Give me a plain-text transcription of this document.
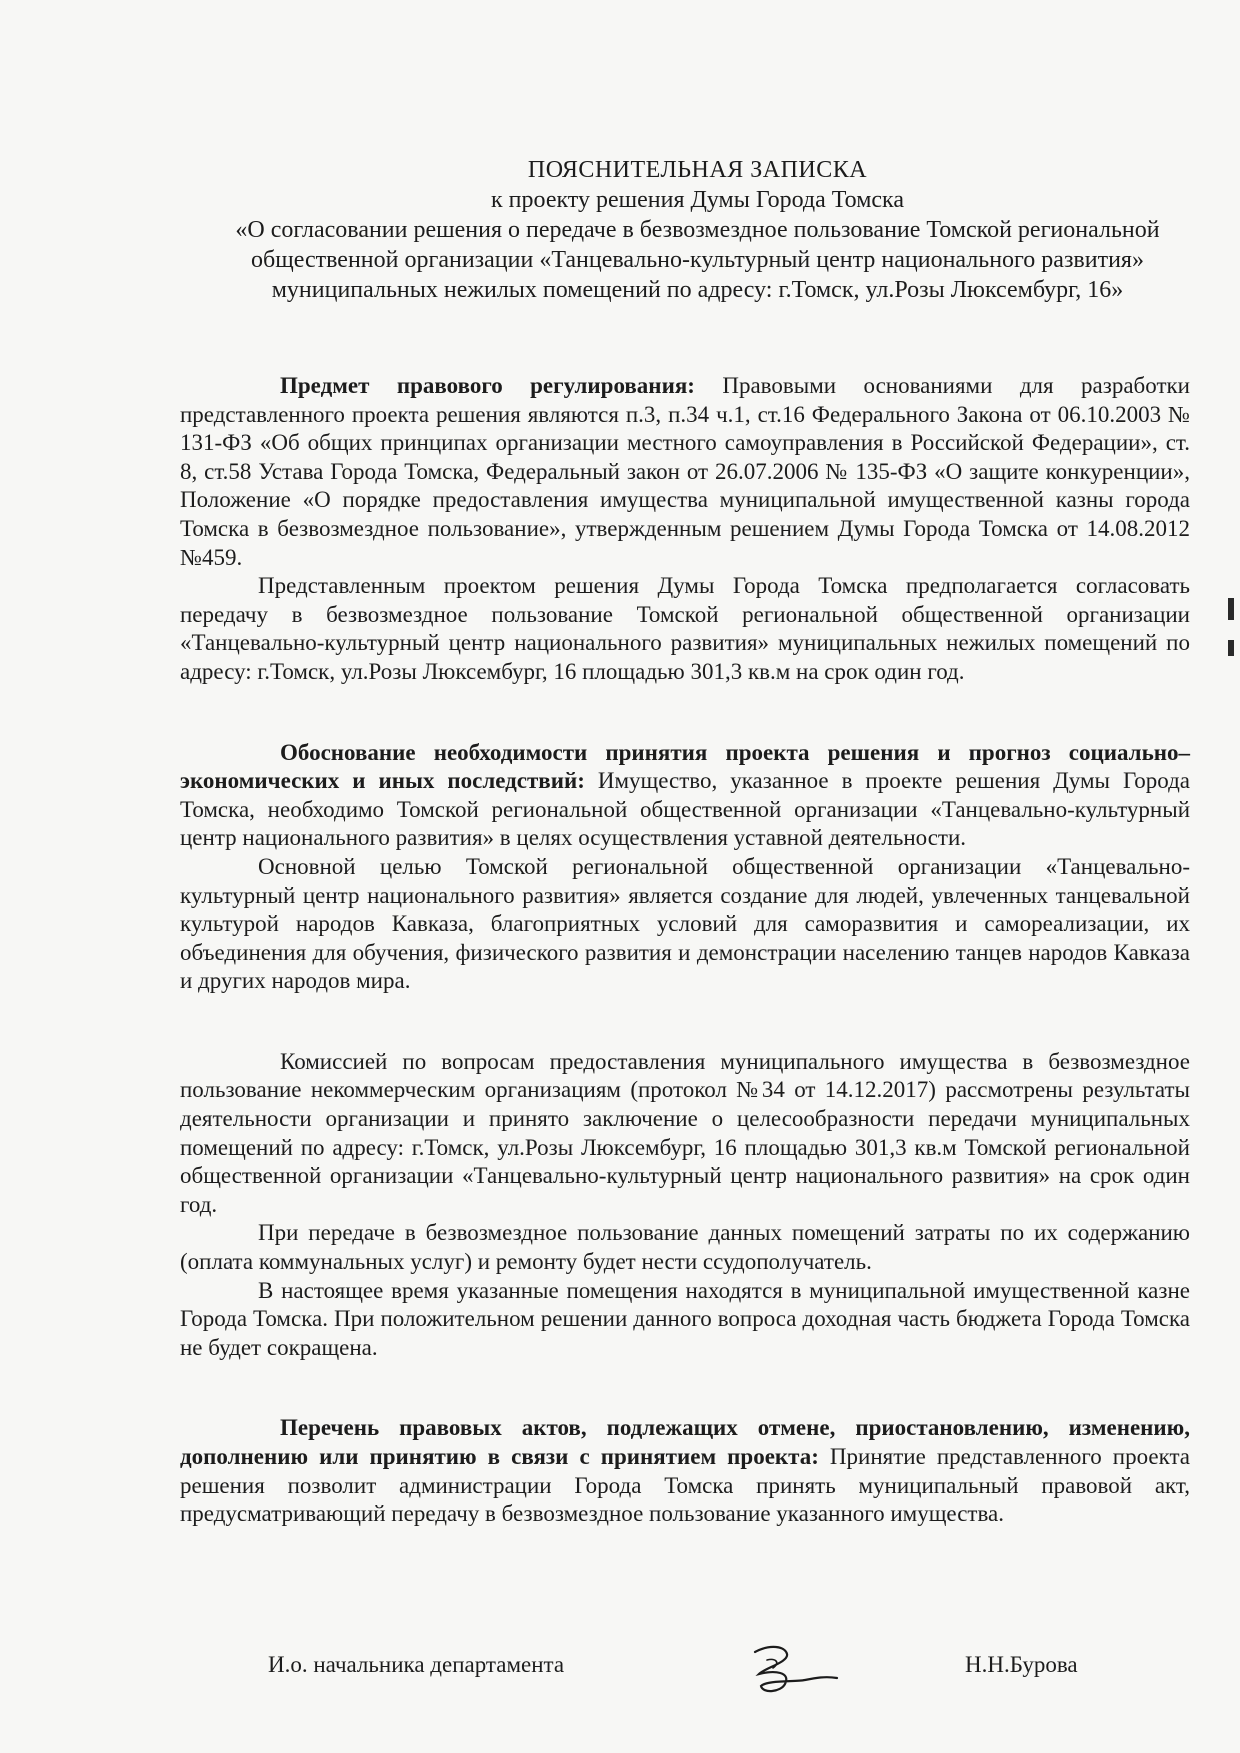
ПОЯСНИТЕЛЬНАЯ ЗАПИСКА
к проекту решения Думы Города Томска
«О согласовании решения о передаче в безвозмездное пользование Томской региональной общественной организации «Танцевально-культурный центр национального развития» муниципальных нежилых помещений по адресу: г.Томск, ул.Розы Люксембург, 16»

Предмет правового регулирования: Правовыми основаниями для разработки представленного проекта решения являются п.3, п.34 ч.1, ст.16 Федерального Закона от 06.10.2003 № 131-ФЗ «Об общих принципах организации местного самоуправления в Российской Федерации», ст. 8, ст.58 Устава Города Томска, Федеральный закон от 26.07.2006 № 135-ФЗ «О защите конкуренции», Положение «О порядке предоставления имущества муниципальной имущественной казны города Томска в безвозмездное пользование», утвержденным решением Думы Города Томска от 14.08.2012 №459.

Представленным проектом решения Думы Города Томска предполагается согласовать передачу в безвозмездное пользование Томской региональной общественной организации «Танцевально-культурный центр национального развития» муниципальных нежилых помещений по адресу: г.Томск, ул.Розы Люксембург, 16 площадью 301,3 кв.м на срок один год.

Обоснование необходимости принятия проекта решения и прогноз социально–экономических и иных последствий: Имущество, указанное в проекте решения Думы Города Томска, необходимо Томской региональной общественной организации «Танцевально-культурный центр национального развития» в целях осуществления уставной деятельности.

Основной целью Томской региональной общественной организации «Танцевально-культурный центр национального развития» является создание для людей, увлеченных танцевальной культурой народов Кавказа, благоприятных условий для саморазвития и самореализации, их объединения для обучения, физического развития и демонстрации населению танцев народов Кавказа и других народов мира.

Комиссией по вопросам предоставления муниципального имущества в безвозмездное пользование некоммерческим организациям (протокол №34 от 14.12.2017) рассмотрены результаты деятельности организации и принято заключение о целесообразности передачи муниципальных помещений по адресу: г.Томск, ул.Розы Люксембург, 16 площадью 301,3 кв.м Томской региональной общественной организации «Танцевально-культурный центр национального развития» на срок один год.

При передаче в безвозмездное пользование данных помещений затраты по их содержанию (оплата коммунальных услуг) и ремонту будет нести ссудополучатель.

В настоящее время указанные помещения находятся в муниципальной имущественной казне Города Томска. При положительном решении данного вопроса доходная часть бюджета Города Томска не будет сокращена.

Перечень правовых актов, подлежащих отмене, приостановлению, изменению, дополнению или принятию в связи с принятием проекта: Принятие представленного проекта решения позволит администрации Города Томска принять муниципальный правовой акт, предусматривающий передачу в безвозмездное пользование указанного имущества.

И.о. начальника департамента	Н.Н.Бурова
